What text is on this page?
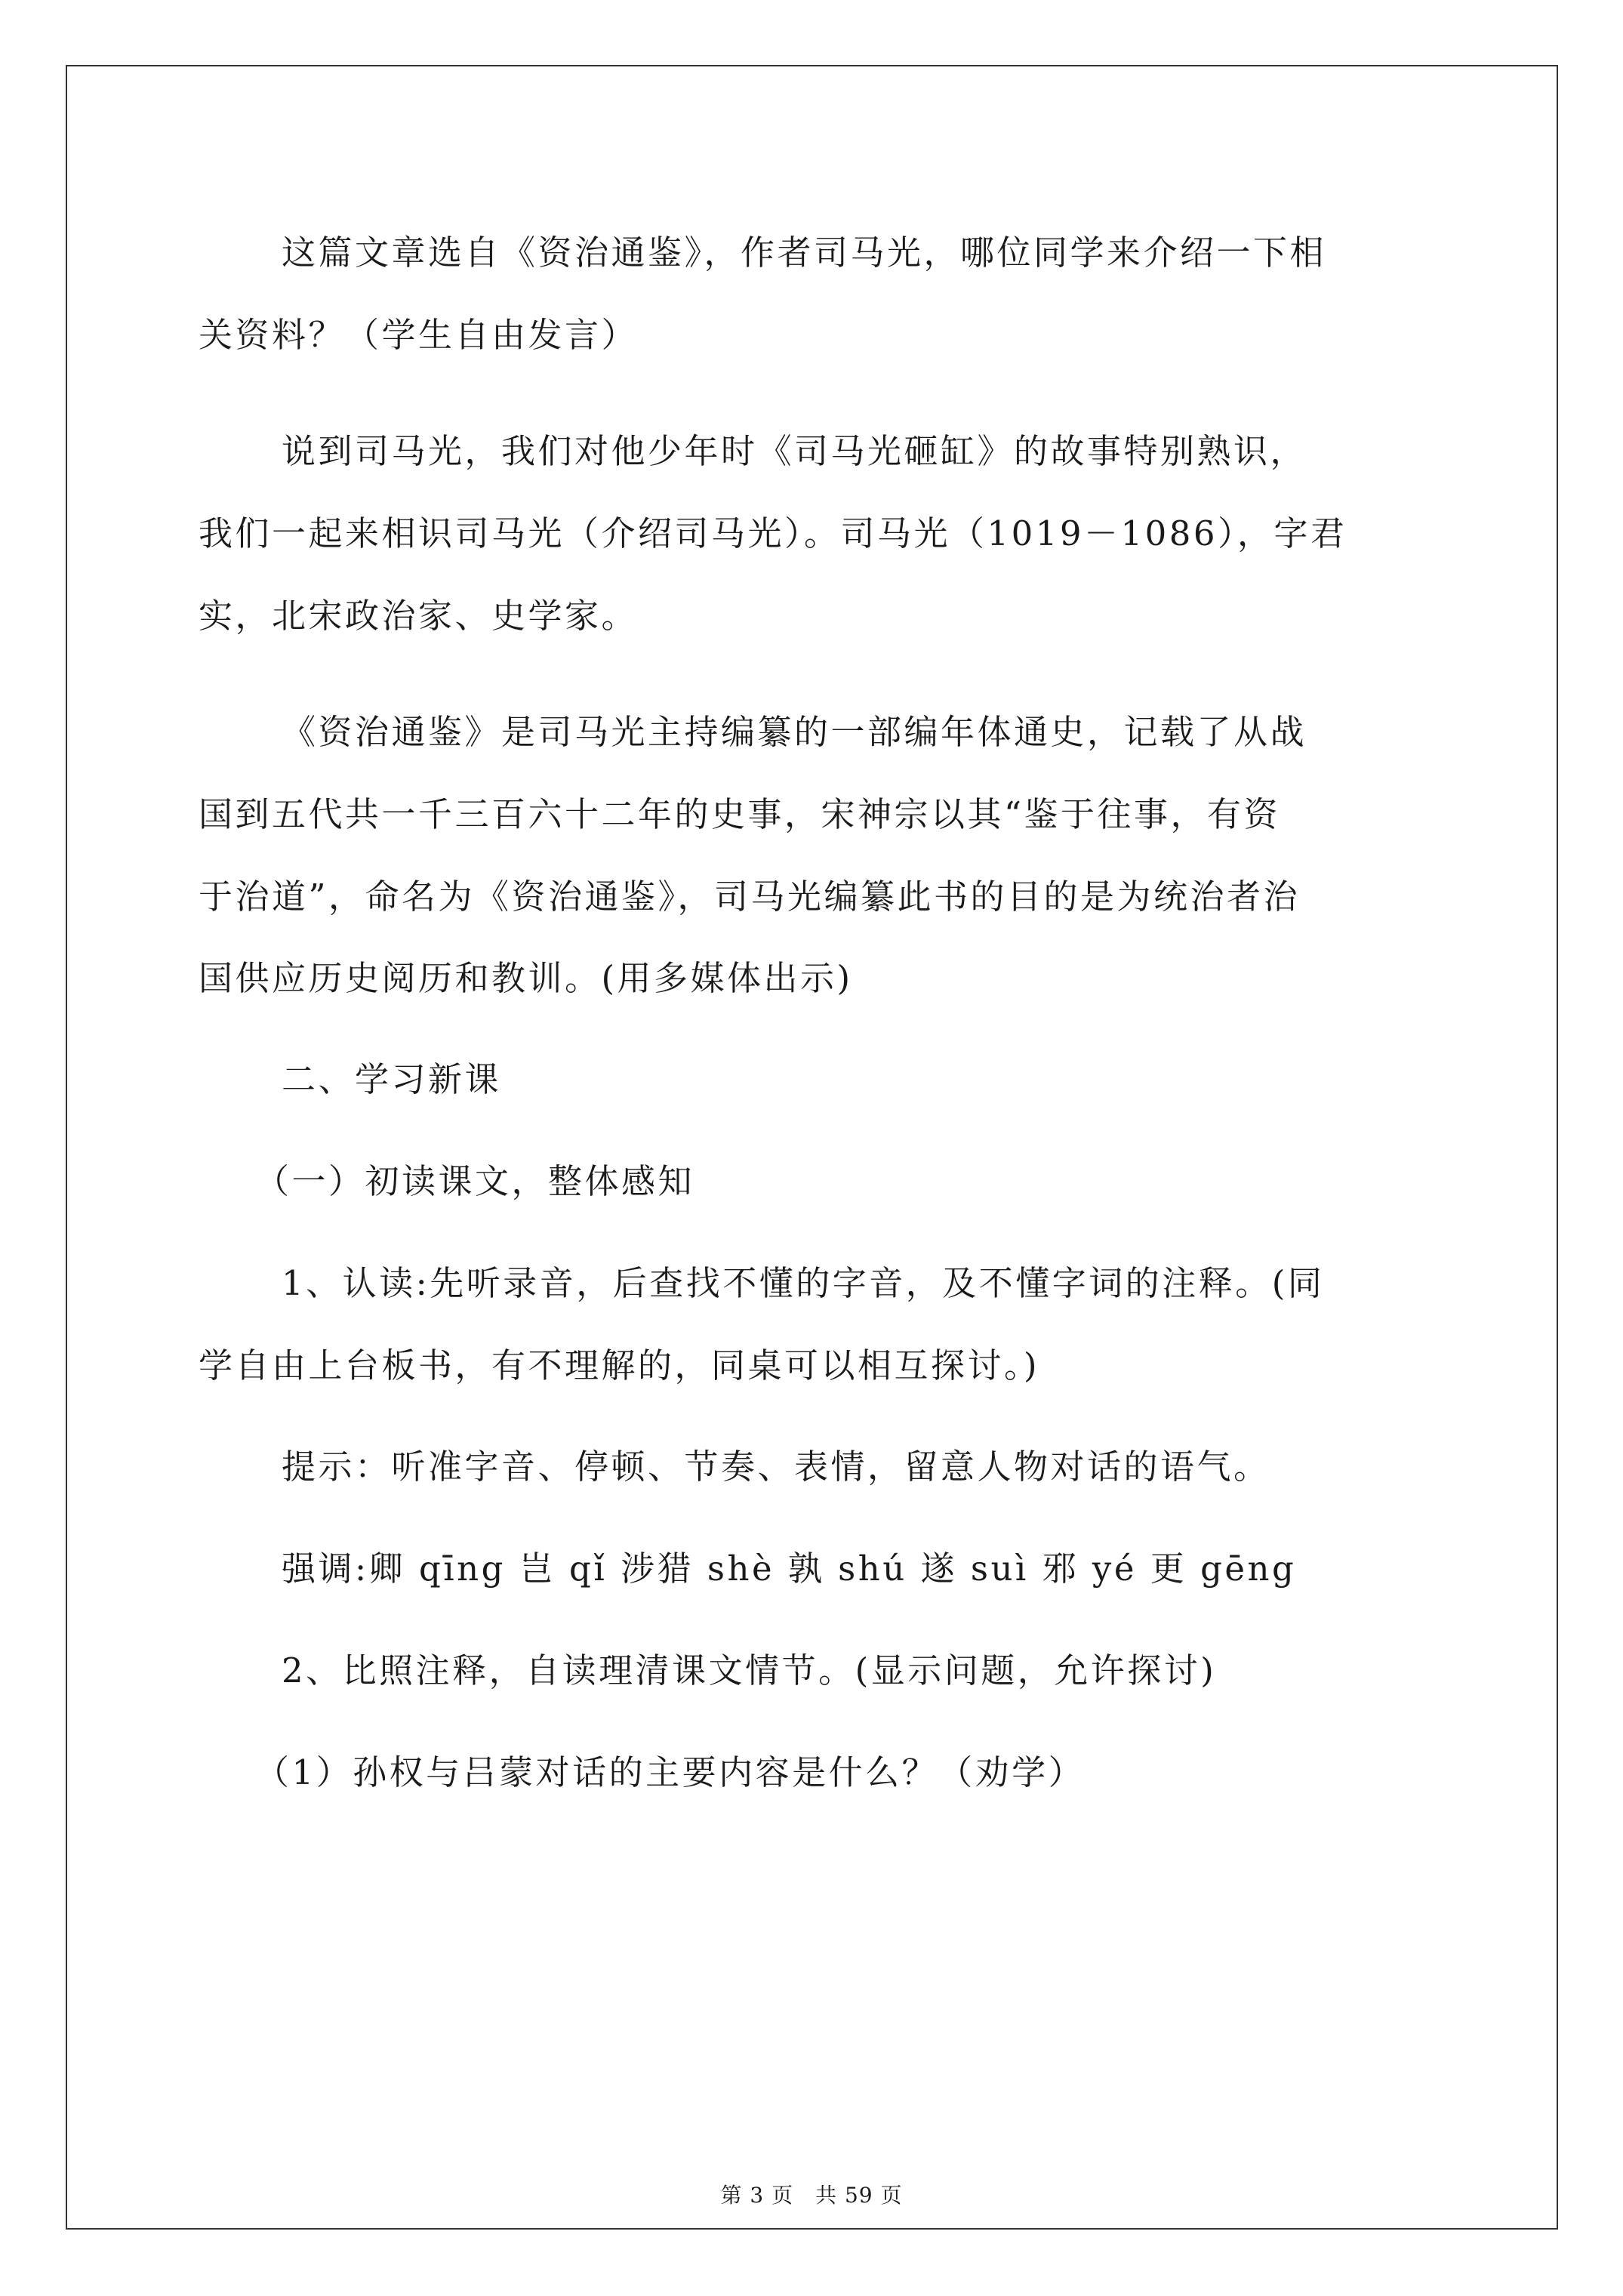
这篇文章选自《资治通鉴》，作者司马光，哪位同学来介绍一下相
关资料？（学生自由发言）
说到司马光，我们对他少年时《司马光砸缸》的故事特别熟识，
我们一起来相识司马光（介绍司马光）。司马光（1019－1086），字君
实，北宋政治家、史学家。
《资治通鉴》是司马光主持编纂的一部编年体通史，记载了从战
国到五代共一千三百六十二年的史事，宋神宗以其“鉴于往事，有资
于治道”，命名为《资治通鉴》，司马光编纂此书的目的是为统治者治
国供应历史阅历和教训。(用多媒体出示)
二、学习新课
（一）初读课文，整体感知
1、认读:先听录音，后查找不懂的字音，及不懂字词的注释。(同
学自由上台板书，有不理解的，同桌可以相互探讨。)
提示：听准字音、停顿、节奏、表情，留意人物对话的语气。
强调:卿 qīng 岂 qǐ 涉猎 shè 孰 shú 遂 suì 邪 yé 更 gēng
2、比照注释，自读理清课文情节。(显示问题，允许探讨)
（1）孙权与吕蒙对话的主要内容是什么？（劝学）
第 3 页　共 59 页
